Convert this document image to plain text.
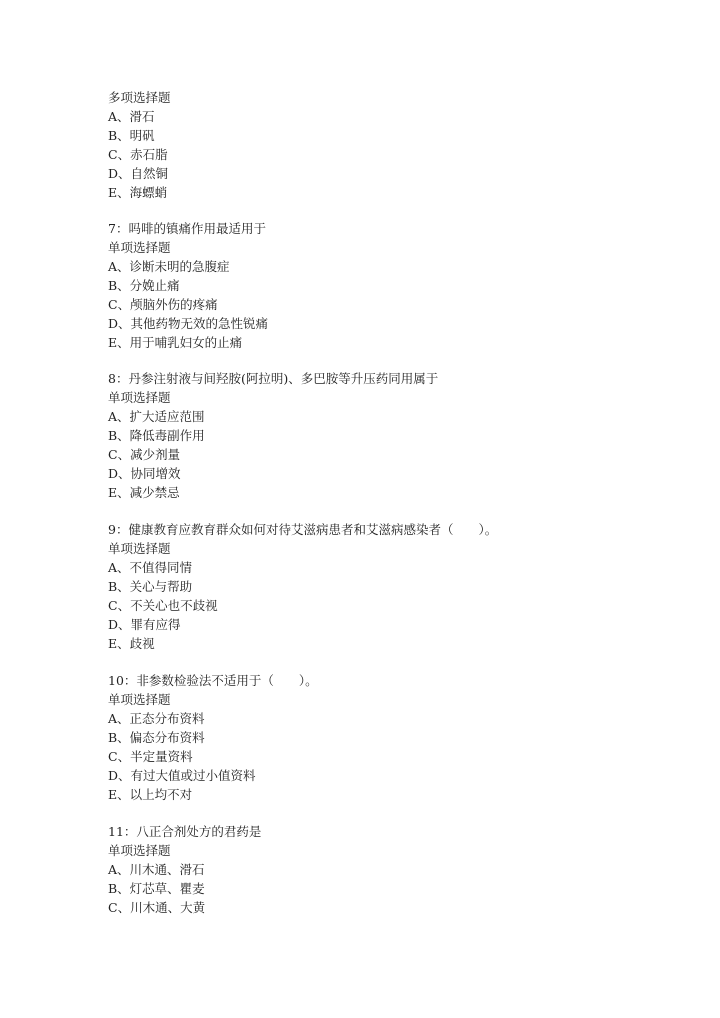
多项选择题
A、滑石
B、明矾
C、赤石脂
D、自然铜
E、海螵蛸
7：吗啡的镇痛作用最适用于
单项选择题
A、诊断未明的急腹症
B、分娩止痛
C、颅脑外伤的疼痛
D、其他药物无效的急性锐痛
E、用于哺乳妇女的止痛
8：丹参注射液与间羟胺(阿拉明)、多巴胺等升压药同用属于
单项选择题
A、扩大适应范围
B、降低毒副作用
C、减少剂量
D、协同增效
E、减少禁忌
9：健康教育应教育群众如何对待艾滋病患者和艾滋病感染者（　　）。
单项选择题
A、不值得同情
B、关心与帮助
C、不关心也不歧视
D、罪有应得
E、歧视
10：非参数检验法不适用于（　　）。
单项选择题
A、正态分布资料
B、偏态分布资料
C、半定量资料
D、有过大值或过小值资料
E、以上均不对
11：八正合剂处方的君药是
单项选择题
A、川木通、滑石
B、灯芯草、瞿麦
C、川木通、大黄
